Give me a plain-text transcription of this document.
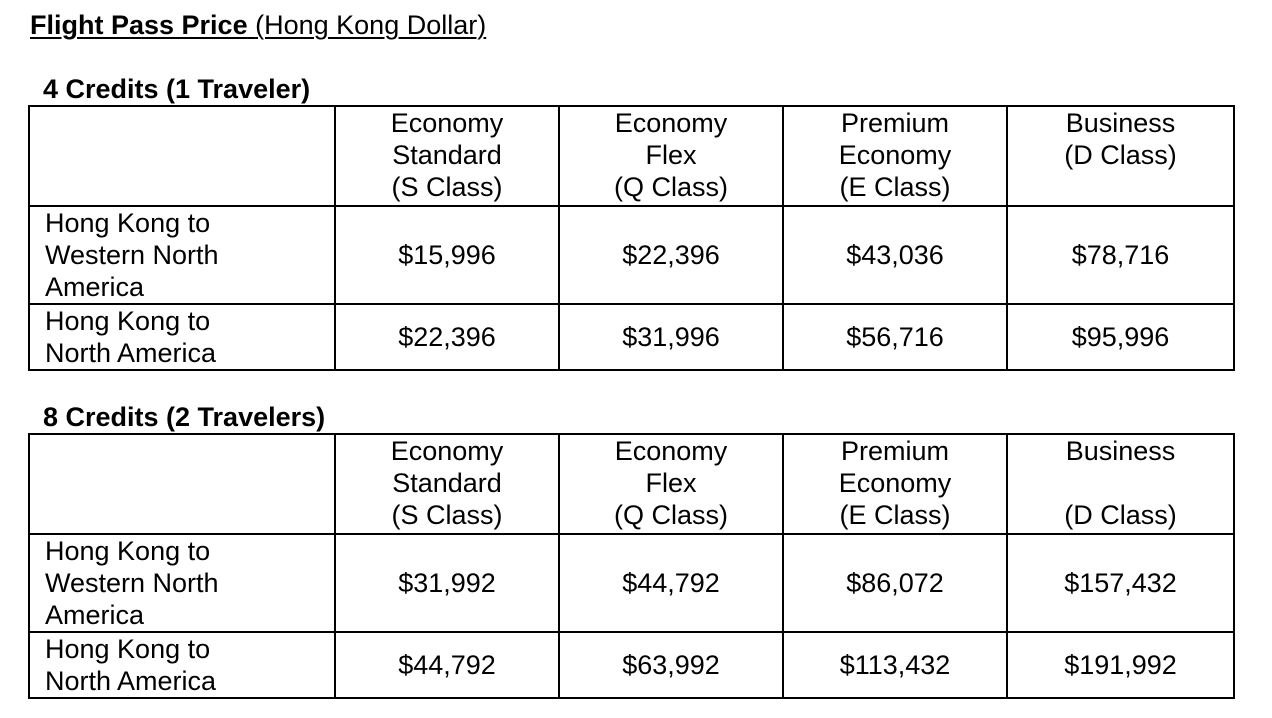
Flight Pass Price (Hong Kong Dollar)
4 Credits (1 Traveler)

	Economy
Standard
(S Class)	Economy
Flex
(Q Class)	Premium
Economy
(E Class)	Business
(D Class)

Hong Kong to
Western North
America	$15,996	$22,396	$43,036	$78,716

Hong Kong to
North America	$22,396	$31,996	$56,716	$95,996
8 Credits (2 Travelers)

	Economy
Standard
(S Class)	Economy
Flex
(Q Class)	Premium
Economy
(E Class)	Business
(D Class)

Hong Kong to
Western North
America	$31,992	$44,792	$86,072	$157,432

Hong Kong to
North America	$44,792	$63,992	$113,432	$191,992
